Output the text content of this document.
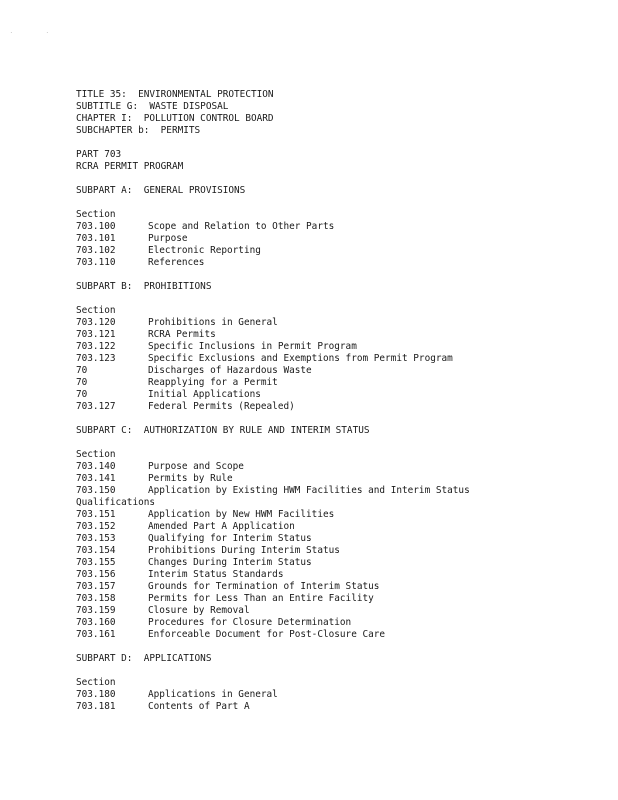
·	·
TITLE 35:  ENVIRONMENTAL PROTECTION
SUBTITLE G:  WASTE DISPOSAL
CHAPTER I:  POLLUTION CONTROL BOARD
SUBCHAPTER b:  PERMITS
PART 703
RCRA PERMIT PROGRAM
SUBPART A:  GENERAL PROVISIONS
Section
703.100	Scope and Relation to Other Parts
703.101	Purpose
703.102	Electronic Reporting
703.110	References
SUBPART B:  PROHIBITIONS
Section
703.120	Prohibitions in General
703.121	RCRA Permits
703.122	Specific Inclusions in Permit Program
703.123	Specific Exclusions and Exemptions from Permit Program
70	Discharges of Hazardous Waste
70	Reapplying for a Permit
70	Initial Applications
703.127	Federal Permits (Repealed)
SUBPART C:  AUTHORIZATION BY RULE AND INTERIM STATUS
Section
703.140	Purpose and Scope
703.141	Permits by Rule
703.150	Application by Existing HWM Facilities and Interim Status
Qualifications
703.151	Application by New HWM Facilities
703.152	Amended Part A Application
703.153	Qualifying for Interim Status
703.154	Prohibitions During Interim Status
703.155	Changes During Interim Status
703.156	Interim Status Standards
703.157	Grounds for Termination of Interim Status
703.158	Permits for Less Than an Entire Facility
703.159	Closure by Removal
703.160	Procedures for Closure Determination
703.161	Enforceable Document for Post-Closure Care
SUBPART D:  APPLICATIONS
Section
703.180	Applications in General
703.181	Contents of Part A
